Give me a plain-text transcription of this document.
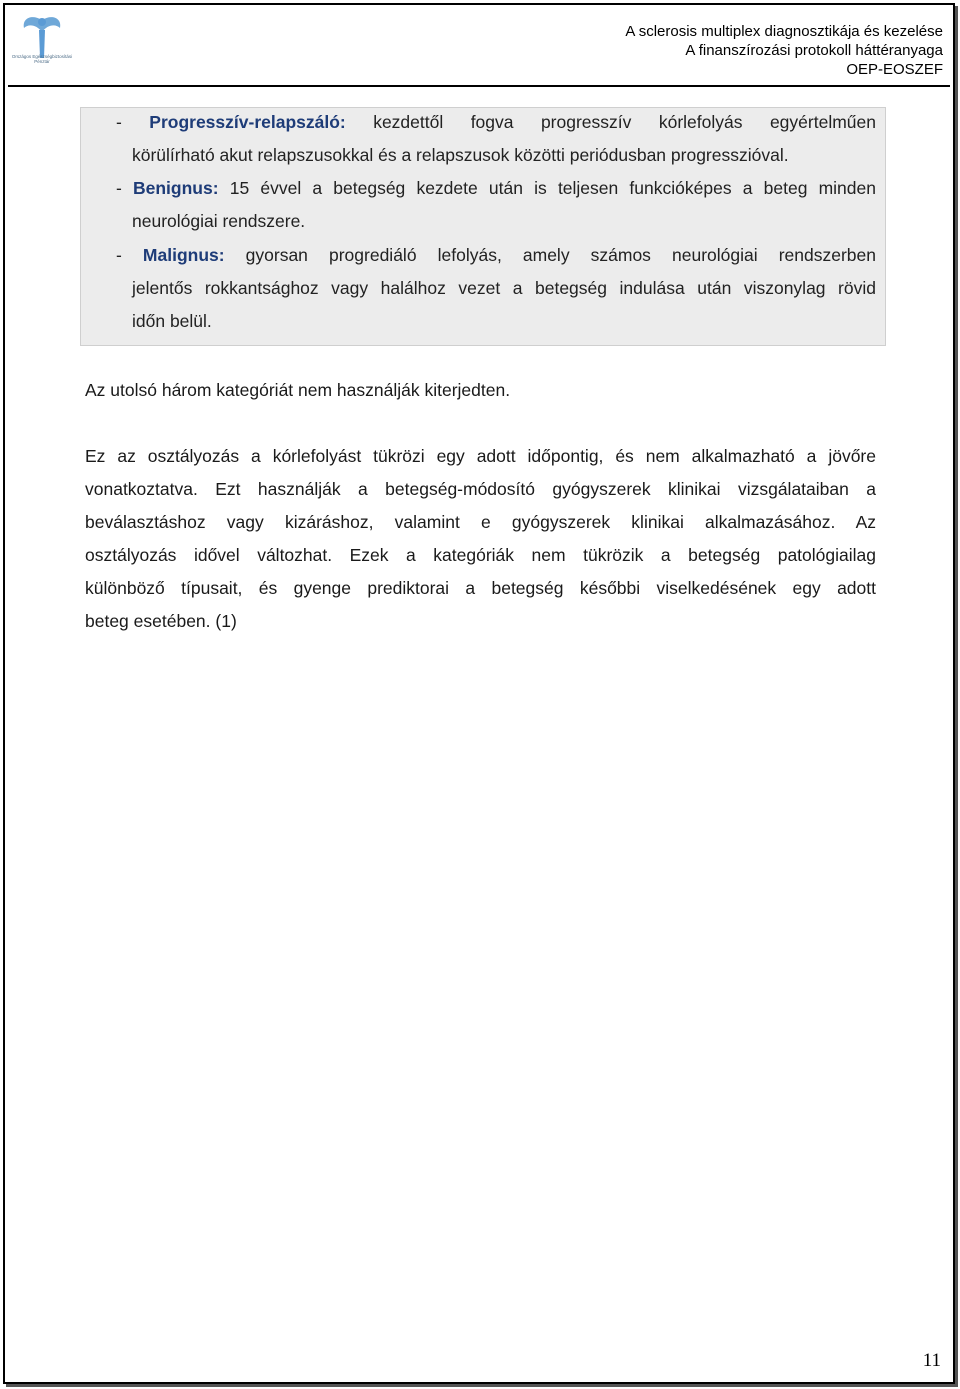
Országos Egészségbiztosítási Pénztár
A sclerosis multiplex diagnosztikája és kezelése
A finanszírozási protokoll háttéranyaga
OEP-EOSZEF
- Progresszív-relapszáló: kezdettől fogva progresszív kórlefolyás egyértelműen
körülírható akut relapszusokkal és a relapszusok közötti periódusban progresszióval.
- Benignus: 15 évvel a betegség kezdete után is teljesen funkcióképes a beteg minden
neurológiai rendszere.
- Malignus: gyorsan progrediáló lefolyás, amely számos neurológiai rendszerben
jelentős rokkantsághoz vagy halálhoz vezet a betegség indulása után viszonylag rövid
időn belül.
Az utolsó három kategóriát nem használják kiterjedten.
Ez az osztályozás a kórlefolyást tükrözi egy adott időpontig, és nem alkalmazható a jövőre
vonatkoztatva. Ezt használják a betegség-módosító gyógyszerek klinikai vizsgálataiban a
beválasztáshoz vagy kizáráshoz, valamint e gyógyszerek klinikai alkalmazásához. Az
osztályozás idővel változhat. Ezek a kategóriák nem tükrözik a betegség patológiailag
különböző típusait, és gyenge prediktorai a betegség későbbi viselkedésének egy adott
beteg esetében. (1)
11
